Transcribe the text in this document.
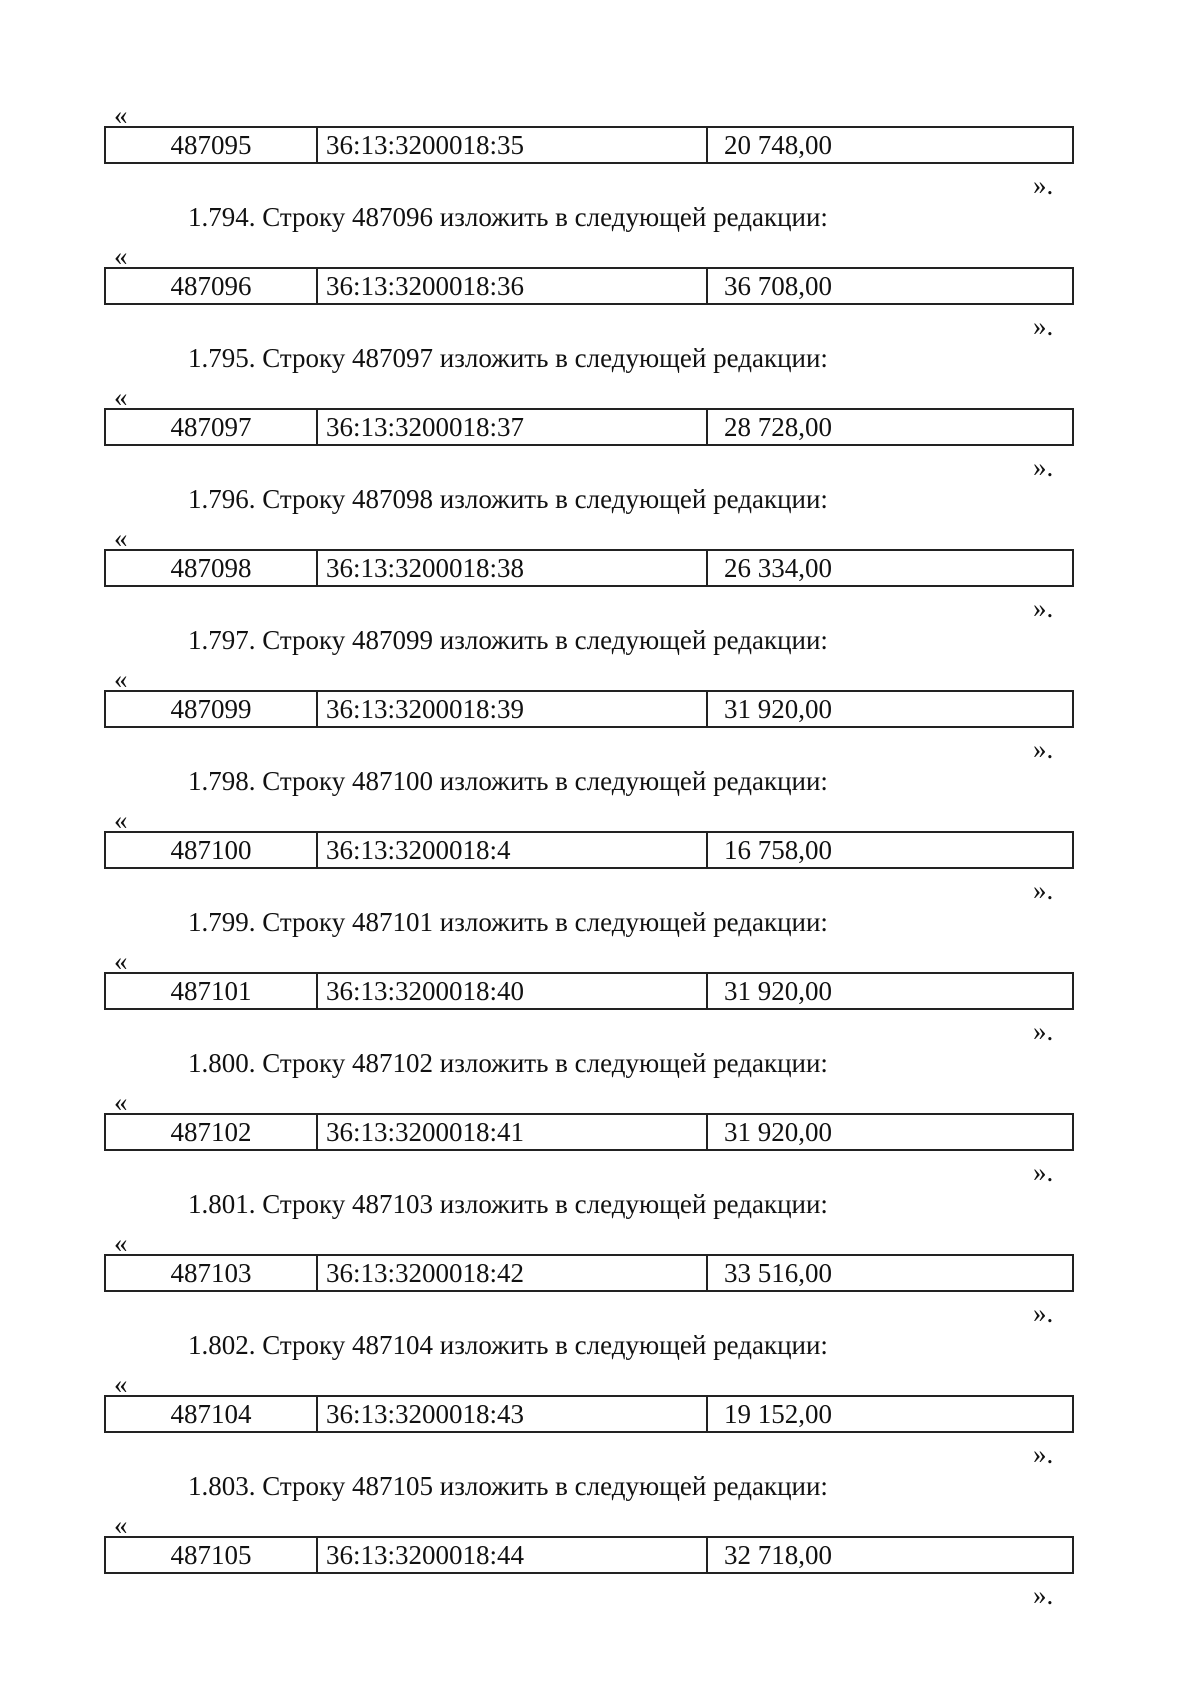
«
487095	36:13:3200018:35	20 748,00
».
1.794. Строку 487096 изложить в следующей редакции:
«
487096	36:13:3200018:36	36 708,00
».
1.795. Строку 487097 изложить в следующей редакции:
«
487097	36:13:3200018:37	28 728,00
».
1.796. Строку 487098 изложить в следующей редакции:
«
487098	36:13:3200018:38	26 334,00
».
1.797. Строку 487099 изложить в следующей редакции:
«
487099	36:13:3200018:39	31 920,00
».
1.798. Строку 487100 изложить в следующей редакции:
«
487100	36:13:3200018:4	16 758,00
».
1.799. Строку 487101 изложить в следующей редакции:
«
487101	36:13:3200018:40	31 920,00
».
1.800. Строку 487102 изложить в следующей редакции:
«
487102	36:13:3200018:41	31 920,00
».
1.801. Строку 487103 изложить в следующей редакции:
«
487103	36:13:3200018:42	33 516,00
».
1.802. Строку 487104 изложить в следующей редакции:
«
487104	36:13:3200018:43	19 152,00
».
1.803. Строку 487105 изложить в следующей редакции:
«
487105	36:13:3200018:44	32 718,00
».
